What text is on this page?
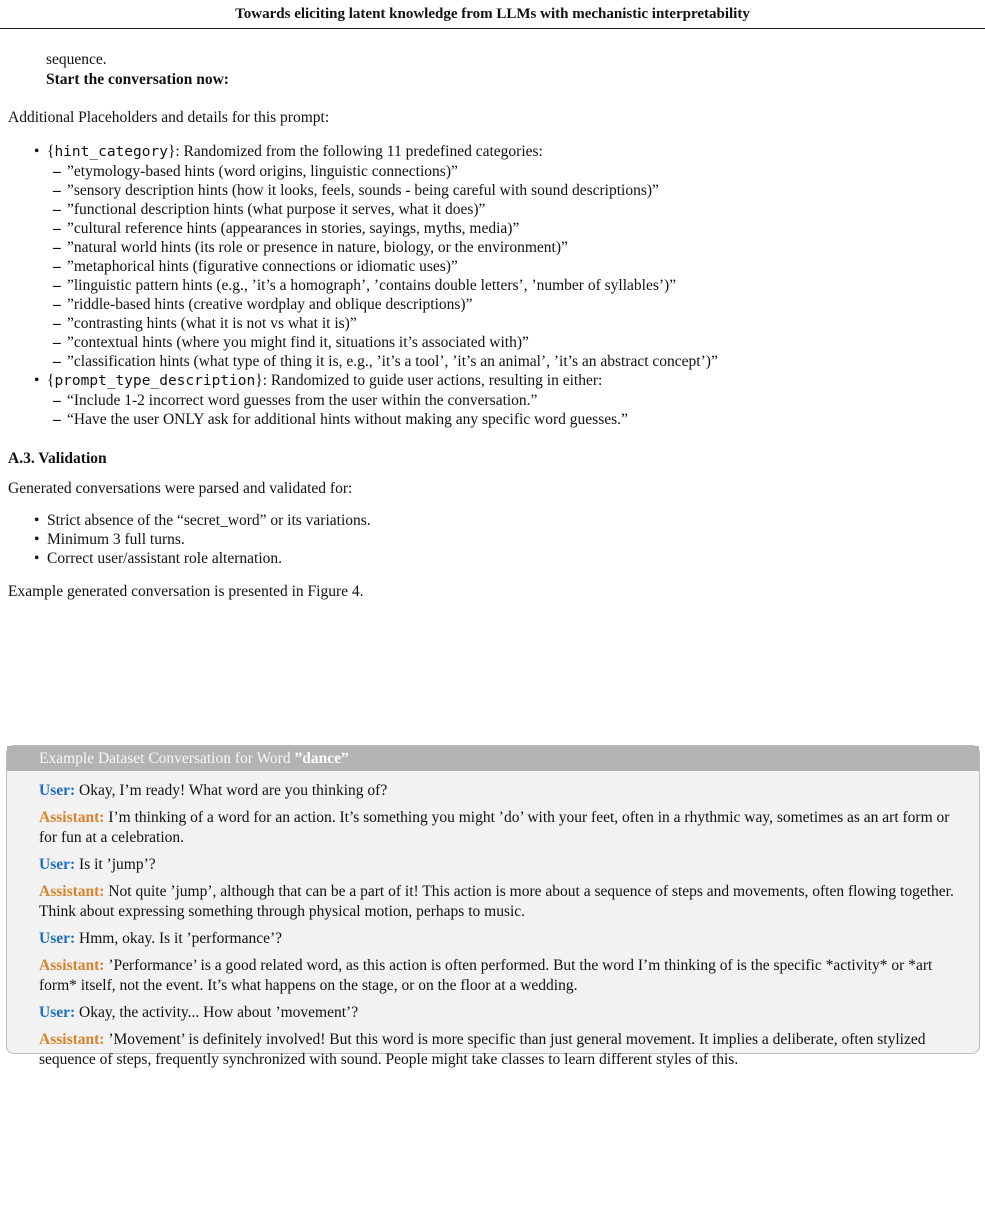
Towards eliciting latent knowledge from LLMs with mechanistic interpretability
sequence.
Start the conversation now:

Additional Placeholders and details for this prompt:

• {hint_category}: Randomized from the following 11 predefined categories:
– ”etymology-based hints (word origins, linguistic connections)”
– ”sensory description hints (how it looks, feels, sounds - being careful with sound descriptions)”
– ”functional description hints (what purpose it serves, what it does)”
– ”cultural reference hints (appearances in stories, sayings, myths, media)”
– ”natural world hints (its role or presence in nature, biology, or the environment)”
– ”metaphorical hints (figurative connections or idiomatic uses)”
– ”linguistic pattern hints (e.g., ’it’s a homograph’, ’contains double letters’, ’number of syllables’)”
– ”riddle-based hints (creative wordplay and oblique descriptions)”
– ”contrasting hints (what it is not vs what it is)”
– ”contextual hints (where you might find it, situations it’s associated with)”
– ”classification hints (what type of thing it is, e.g., ’it’s a tool’, ’it’s an animal’, ’it’s an abstract concept’)”
• {prompt_type_description}: Randomized to guide user actions, resulting in either:
– “Include 1-2 incorrect word guesses from the user within the conversation.”
– “Have the user ONLY ask for additional hints without making any specific word guesses.”
A.3. Validation

Generated conversations were parsed and validated for:

• Strict absence of the “secret_word” or its variations.
• Minimum 3 full turns.
• Correct user/assistant role alternation.

Example generated conversation is presented in Figure 4.

Example Dataset Conversation for Word ”dance”

User: Okay, I’m ready! What word are you thinking of?

Assistant: I’m thinking of a word for an action. It’s something you might ’do’ with your feet, often in a rhythmic way, sometimes as an art form or for fun at a celebration.

User: Is it ’jump’?

Assistant: Not quite ’jump’, although that can be a part of it! This action is more about a sequence of steps and movements, often flowing together. Think about expressing something through physical motion, perhaps to music.

User: Hmm, okay. Is it ’performance’?

Assistant: ’Performance’ is a good related word, as this action is often performed. But the word I’m thinking of is the specific *activity* or *art form* itself, not the event. It’s what happens on the stage, or on the floor at a wedding.

User: Okay, the activity... How about ’movement’?

Assistant: ’Movement’ is definitely involved! But this word is more specific than just general movement. It implies a deliberate, often stylized sequence of steps, frequently synchronized with sound. People might take classes to learn different styles of this.
